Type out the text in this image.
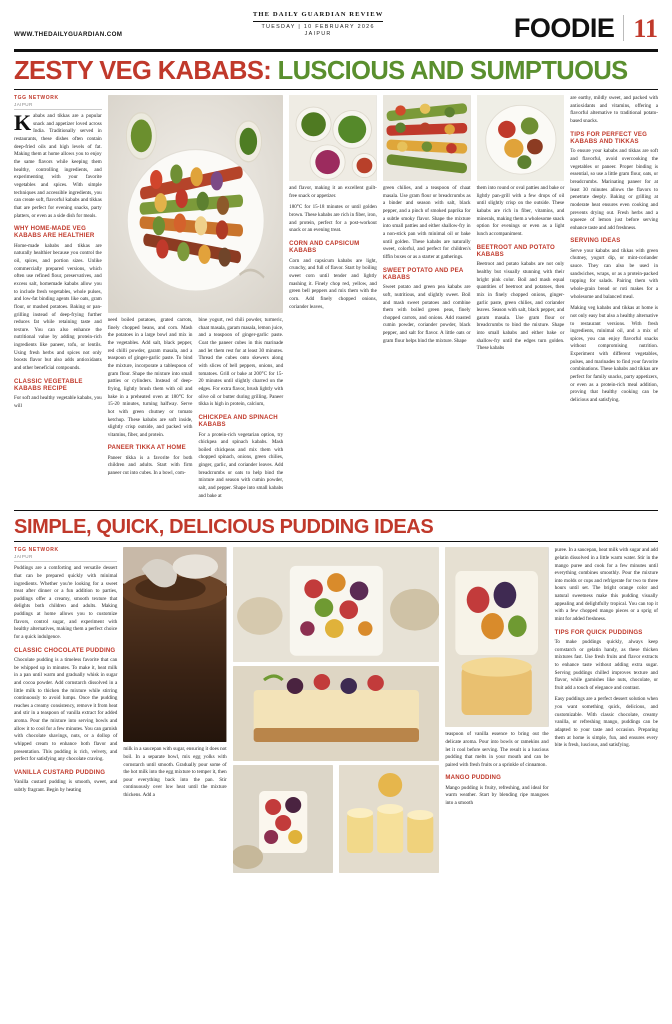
WWW.THEDAILYGUARDIAN.COM
THE DAILY GUARDIAN REVIEW
TUESDAY | 10 FEBRUARY 2026
JAIPUR	FOODIE 11
ZESTY VEG KABABS: LUSCIOUS AND SUMPTUOUS
TGG NETWORK
JAIPUR

Kababs and tikkas are a popular snack and appetizer loved across India. Traditionally served in restaurants, these dishes often contain deep-fried oils and high levels of fat. Making them at home allows you to enjoy the same flavors while keeping them healthy, controlling ingredients, and experimenting with your favorite vegetables and spices. With simple techniques and accessible ingredients, you can create soft, flavorful kababs and tikkas that are perfect for evening snacks, party platters, or even as a side dish for meals.

WHY HOME-MADE VEG KABABS ARE HEALTHIER

Home-made kababs and tikkas are naturally healthier because you control the oil, spices, and portion sizes. Unlike commercially prepared versions, which often use refined flour, preservatives, and excess salt, homemade kababs allow you to include fresh vegetables, whole pulses, and low-fat binding agents like oats, gram flour, or mashed potatoes. Baking or pan-grilling instead of deep-frying further reduces fat while retaining taste and texture. You can also enhance the nutritional value by adding protein-rich ingredients like paneer, tofu, or lentils. Using fresh herbs and spices not only boosts flavor but also adds antioxidants and other beneficial compounds.

CLASSIC VEGETABLE KABABS RECIPE

For soft and healthy vegetable kababs, you will

need boiled potatoes, grated carrots, finely chopped beans, and corn. Mash the potatoes in a large bowl and mix in the vegetables. Add salt, black pepper, red chilli powder, garam masala, and a teaspoon of ginger-garlic paste. To bind the mixture, incorporate a tablespoon of gram flour. Shape the mixture into small patties or cylinders. Instead of deep-frying, lightly brush them with oil and bake in a preheated oven at 180°C for 15-20 minutes, turning halfway. Serve hot with green chutney or tomato ketchup. These kababs are soft inside, slightly crisp outside, and packed with vitamins, fiber, and protein.

PANEER TIKKA AT HOME

Paneer tikka is a favorite for both children and adults. Start with firm paneer cut into cubes. In a bowl, com-

bine yogurt, red chili powder, turmeric, chaat masala, garam masala, lemon juice, and a teaspoon of ginger-garlic paste. Coat the paneer cubes in this marinade and let them rest for at least 30 minutes. Thread the cubes onto skewers along with slices of bell peppers, onions, and tomatoes. Grill or bake at 200°C for 15-20 minutes until slightly charred on the edges. For extra flavor, brush lightly with olive oil or butter during grilling. Paneer tikka is high in protein, calcium,

CHICKPEA AND SPINACH KABABS

For a protein-rich vegetarian option, try chickpea and spinach kababs. Mash boiled chickpeas and mix them with chopped spinach, onions, green chilies, ginger, garlic, and coriander leaves. Add breadcrumbs or oats to help bind the mixture and season with cumin powder, salt, and pepper. Shape into small kababs and bake at

and flavor, making it an excellent guilt-free snack or appetizer.

180°C for 15-18 minutes or until golden brown. These kababs are rich in fiber, iron, and protein, perfect for a post-workout snack or an evening treat.

CORN AND CAPSICUM KABABS

Corn and capsicum kababs are light, crunchy, and full of flavor. Start by boiling sweet corn until tender and lightly mashing it. Finely chop red, yellow, and green bell peppers and mix them with the corn. Add finely chopped onions, coriander leaves,

green chilies, and a teaspoon of chaat masala. Use gram flour or breadcrumbs as a binder and season with salt, black pepper, and a pinch of smoked paprika for a subtle smoky flavor. Shape the mixture into small patties and either shallow-fry in a non-stick pan with minimal oil or bake until golden. These kababs are naturally sweet, colorful, and perfect for children's tiffin boxes or as a starter at gatherings.

SWEET POTATO AND PEA KABABS

Sweet potato and green pea kababs are soft, nutritious, and slightly sweet. Boil and mash sweet potatoes and combine them with boiled green peas, finely chopped carrots, and onions. Add roasted cumin powder, coriander powder, black pepper, and salt for flavor. A little oats or gram flour helps bind the mixture. Shape

them into round or oval patties and bake or lightly pan-grill with a few drops of oil until slightly crisp on the outside. These kababs are rich in fiber, vitamins, and minerals, making them a wholesome snack option for evenings or even as a light lunch accompaniment.

BEETROOT AND POTATO KABABS

Beetroot and potato kababs are not only healthy but visually stunning with their bright pink color. Boil and mash equal quantities of beetroot and potatoes, then mix in finely chopped onions, ginger-garlic paste, green chilies, and coriander leaves. Season with salt, black pepper, and garam masala. Use gram flour or breadcrumbs to bind the mixture. Shape into small kababs and either bake or shallow-fry until the edges turn golden. These kababs

are earthy, mildly sweet, and packed with antioxidants and vitamins, offering a flavorful alternative to traditional potato-based snacks.

TIPS FOR PERFECT VEG KABABS AND TIKKAS

To ensure your kababs and tikkas are soft and flavorful, avoid overcooking the vegetables or paneer. Proper binding is essential, so use a little gram flour, oats, or breadcrumbs. Marinating paneer for at least 30 minutes allows the flavors to penetrate deeply. Baking or grilling at moderate heat ensures even cooking and prevents drying out. Fresh herbs and a squeeze of lemon just before serving enhance taste and add freshness.

SERVING IDEAS

Serve your kababs and tikkas with green chutney, yogurt dip, or mint-coriander sauce. They can also be used in sandwiches, wraps, or as a protein-packed topping for salads. Pairing them with whole-grain bread or roti makes for a wholesome and balanced meal.

Making veg kababs and tikkas at home is not only easy but also a healthy alternative to restaurant versions. With fresh ingredients, minimal oil, and a mix of spices, you can enjoy flavorful snacks without compromising nutrition. Experiment with different vegetables, pulses, and marinades to find your favorite combinations. These kababs and tikkas are perfect for family snacks, party appetizers, or even as a protein-rich meal addition, proving that healthy cooking can be delicious and satisfying.

SIMPLE, QUICK, DELICIOUS PUDDING IDEAS
TGG NETWORK
JAIPUR

Puddings are a comforting and versatile dessert that can be prepared quickly with minimal ingredients. Whether you're looking for a sweet treat after dinner or a fun addition to parties, puddings offer a creamy, smooth texture that delights both children and adults. Making puddings at home allows you to customize flavors, control sugar, and experiment with healthy alternatives, making them a perfect choice for a quick indulgence.

CLASSIC CHOCOLATE PUDDING

Chocolate pudding is a timeless favorite that can be whipped up in minutes. To make it, heat milk in a pan until warm and gradually whisk in sugar and cocoa powder. Add cornstarch dissolved in a little milk to thicken the mixture while stirring continuously to avoid lumps. Once the pudding reaches a creamy consistency, remove it from heat and stir in a teaspoon of vanilla extract for added aroma. Pour the mixture into serving bowls and allow it to cool for a few minutes. You can garnish with chocolate shavings, nuts, or a dollop of whipped cream to enhance both flavor and presentation. This pudding is rich, velvety, and perfect for satisfying any chocolate craving.

VANILLA CUSTARD PUDDING

Vanilla custard pudding is smooth, sweet, and subtly fragrant. Begin by heating

milk in a saucepan with sugar, ensuring it does not boil. In a separate bowl, mix egg yolks with cornstarch until smooth. Gradually pour some of the hot milk into the egg mixture to temper it, then pour everything back into the pan. Stir continuously over low heat until the mixture thickens. Add a

teaspoon of vanilla essence to bring out the delicate aroma. Pour into bowls or ramekins and let it cool before serving. The result is a luscious pudding that melts in your mouth and can be paired with fresh fruits or a sprinkle of cinnamon.

MANGO PUDDING

Mango pudding is fruity, refreshing, and ideal for warm weather. Start by blending ripe mangoes into a smooth

puree. In a saucepan, heat milk with sugar and add gelatin dissolved in a little warm water. Stir in the mango puree and cook for a few minutes until everything combines smoothly. Pour the mixture into molds or cups and refrigerate for two to three hours until set. The bright orange color and natural sweetness make this pudding visually appealing and delightfully tropical. You can top it with a few chopped mango pieces or a sprig of mint for added freshness.

TIPS FOR QUICK PUDDINGS

To make puddings quickly, always keep cornstarch or gelatin handy, as these thicken mixtures fast. Use fresh fruits and flavor extracts to enhance taste without adding extra sugar. Serving puddings chilled improves texture and flavor, while garnishes like nuts, chocolate, or fruit add a touch of elegance and contrast.

Easy puddings are a perfect dessert solution when you want something quick, delicious, and customizable. With classic chocolate, creamy vanilla, or refreshing mango, puddings can be adapted to your taste and occasion. Preparing them at home is simple, fun, and ensures every bite is fresh, luscious, and satisfying.
